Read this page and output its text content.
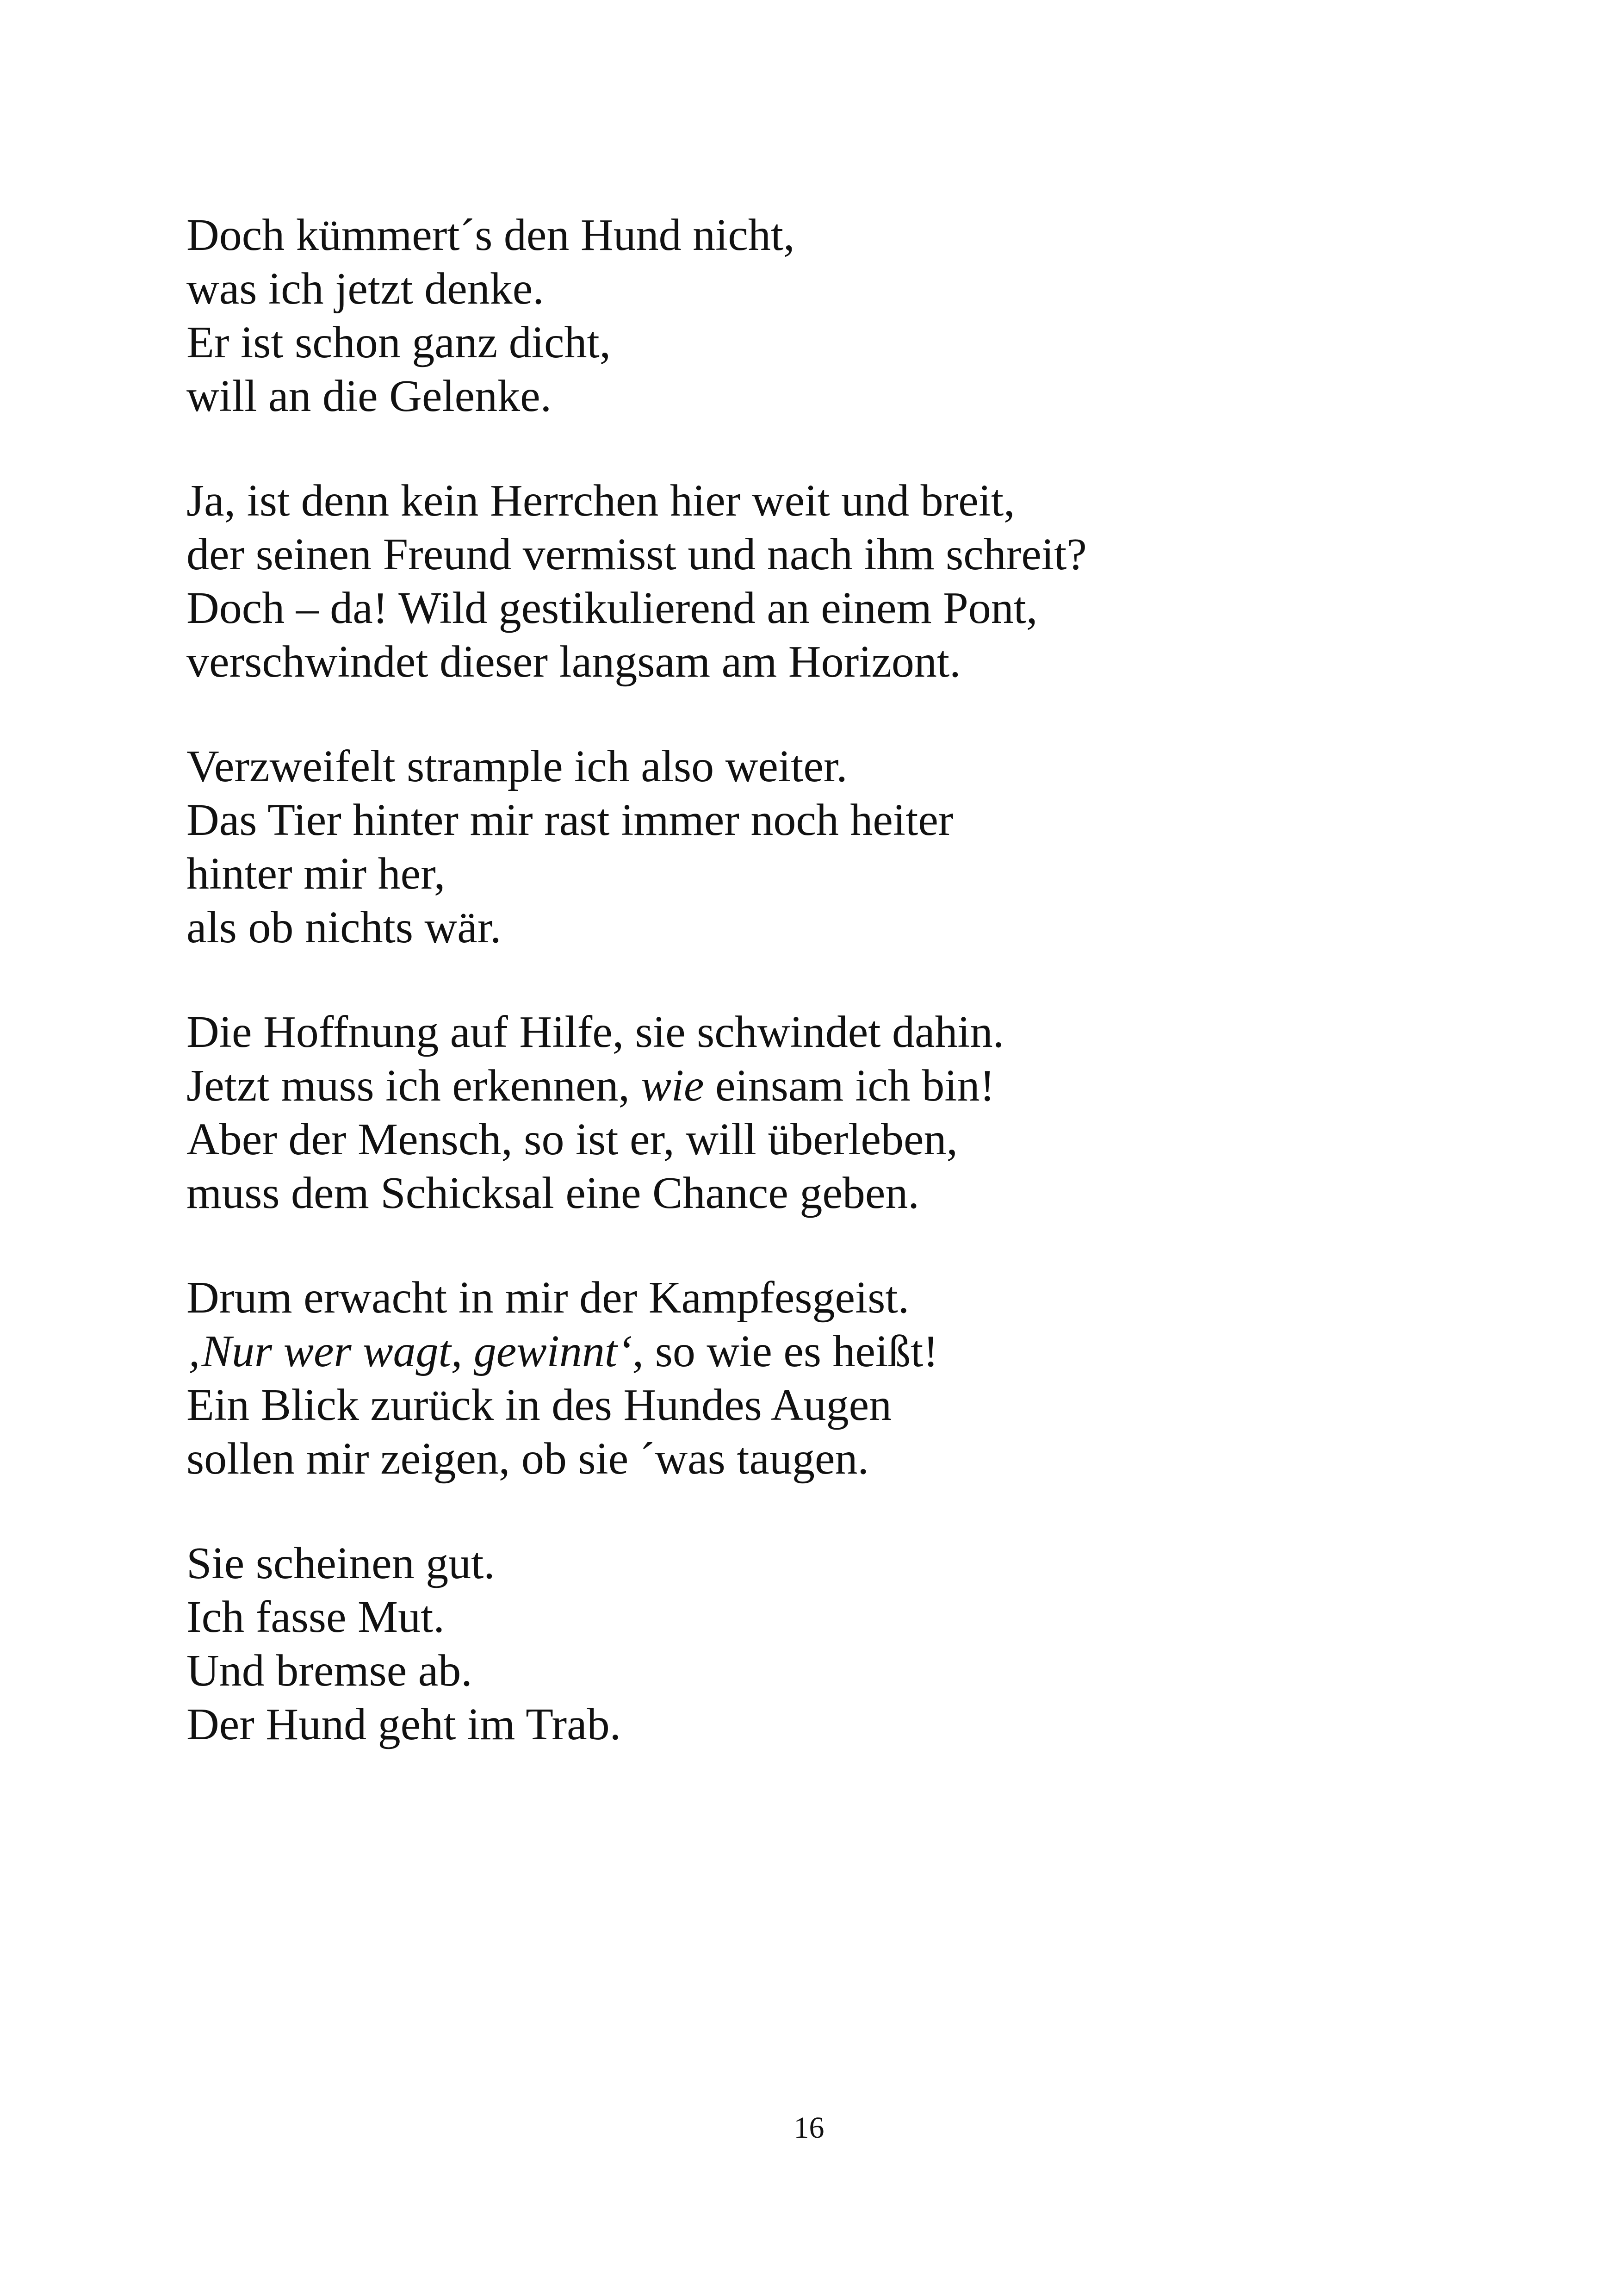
Doch kümmert´s den Hund nicht,
was ich jetzt denke.
Er ist schon ganz dicht,
will an die Gelenke.
Ja, ist denn kein Herrchen hier weit und breit,
der seinen Freund vermisst und nach ihm schreit?
Doch – da! Wild gestikulierend an einem Pont,
verschwindet dieser langsam am Horizont.
Verzweifelt strample ich also weiter.
Das Tier hinter mir rast immer noch heiter
hinter mir her,
als ob nichts wär.
Die Hoffnung auf Hilfe, sie schwindet dahin.
Jetzt muss ich erkennen, wie einsam ich bin!
Aber der Mensch, so ist er, will überleben,
muss dem Schicksal eine Chance geben.
Drum erwacht in mir der Kampfesgeist.
‚Nur wer wagt, gewinnt‘, so wie es heißt!
Ein Blick zurück in des Hundes Augen
sollen mir zeigen, ob sie ´was taugen.
Sie scheinen gut.
Ich fasse Mut.
Und bremse ab.
Der Hund geht im Trab.
16
